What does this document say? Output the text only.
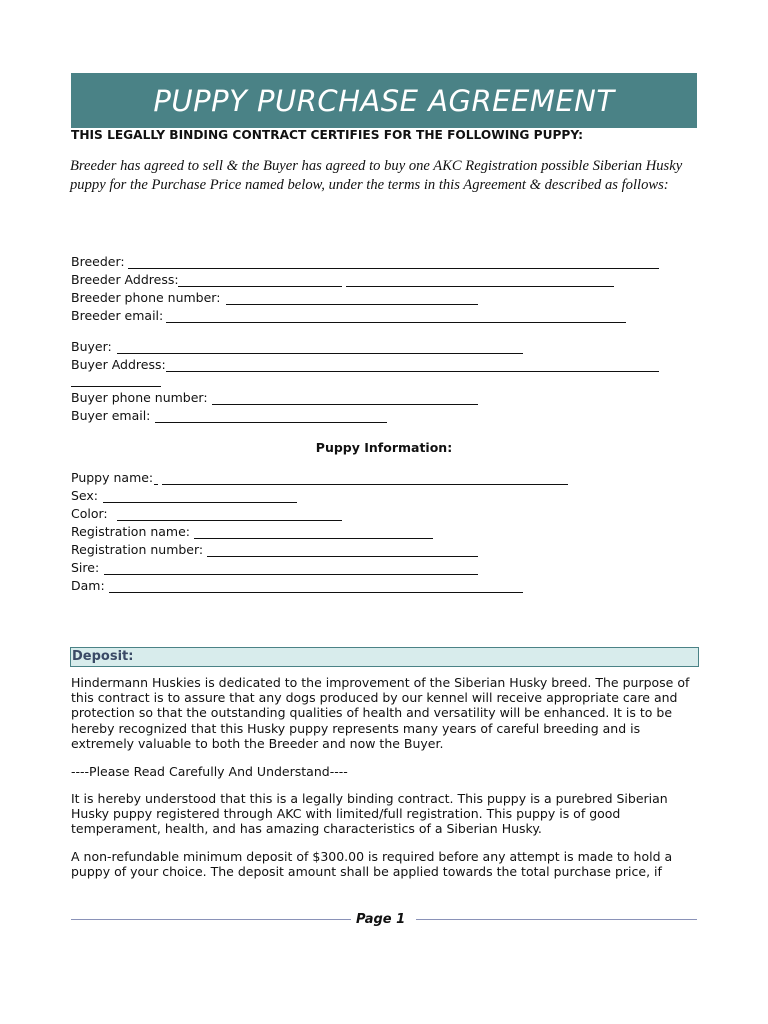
PUPPY PURCHASE AGREEMENT
THIS LEGALLY BINDING CONTRACT CERTIFIES FOR THE FOLLOWING PUPPY:
Breeder has agreed to sell & the Buyer has agreed to buy one AKC Registration possible Siberian Husky puppy for the Purchase Price named below, under the terms in this Agreement & described as follows:
Breeder:
Breeder Address:
Breeder phone number:
Breeder email:
Buyer:
Buyer Address:
Buyer phone number:
Buyer email:
Puppy Information:
Puppy name:
Sex:
Color:
Registration name:
Registration number:
Sire:
Dam:
Deposit:
Hindermann Huskies is dedicated to the improvement of the Siberian Husky breed. The purpose of this contract is to assure that any dogs produced by our kennel will receive appropriate care and protection so that the outstanding qualities of health and versatility will be enhanced. It is to be hereby recognized that this Husky puppy represents many years of careful breeding and is extremely valuable to both the Breeder and now the Buyer.
----Please Read Carefully And Understand----
It is hereby understood that this is a legally binding contract. This puppy is a purebred Siberian Husky puppy registered through AKC with limited/full registration. This puppy is of good temperament, health, and has amazing characteristics of a Siberian Husky.
A non-refundable minimum deposit of $300.00 is required before any attempt is made to hold a puppy of your choice. The deposit amount shall be applied towards the total purchase price, if
Page 1
